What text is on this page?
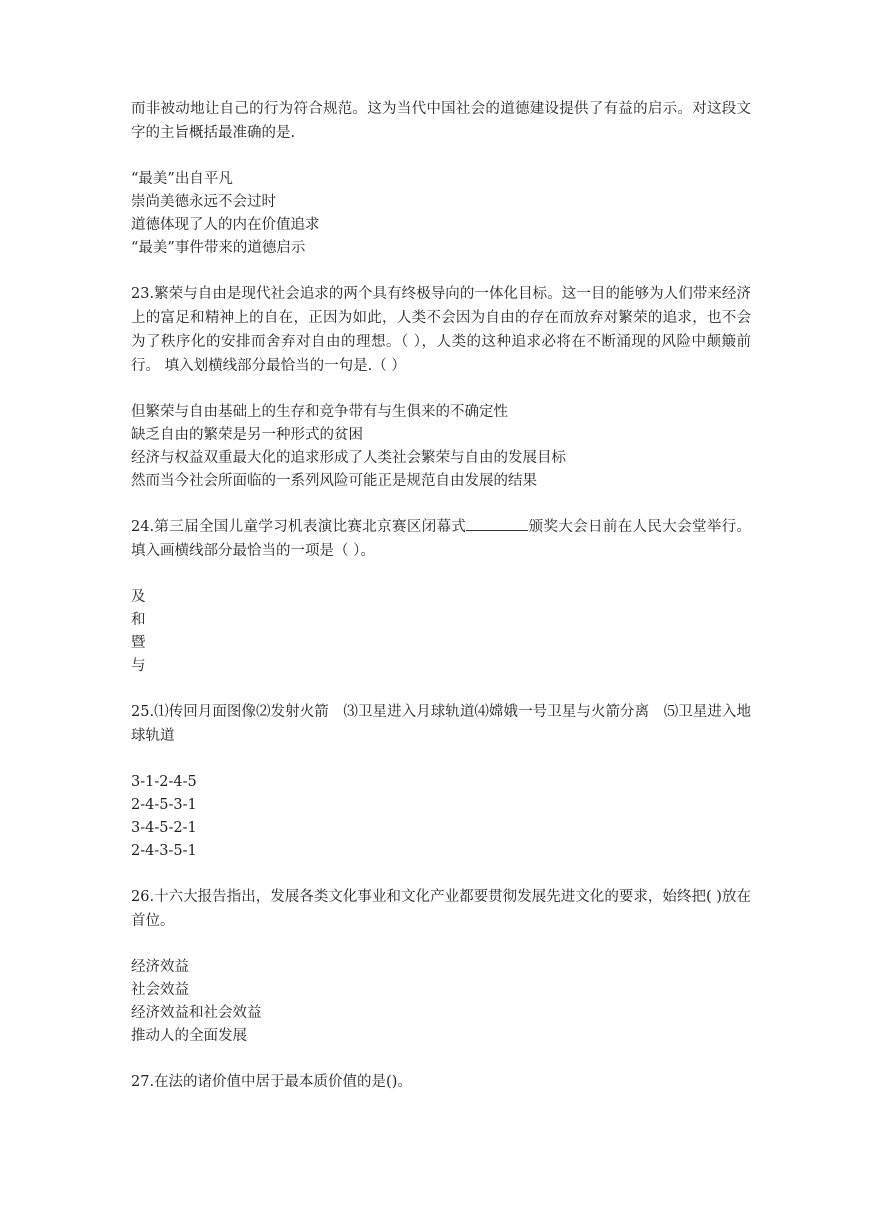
而非被动地让自己的行为符合规范。这为当代中国社会的道德建设提供了有益的启示。对这段文字的主旨概括最准确的是.

“最美”出自平凡
崇尚美德永远不会过时
道德体现了人的内在价值追求
“最美”事件带来的道德启示

23.繁荣与自由是现代社会追求的两个具有终极导向的一体化目标。这一目的能够为人们带来经济上的富足和精神上的自在，正因为如此，人类不会因为自由的存在而放弃对繁荣的追求，也不会为了秩序化的安排而舍弃对自由的理想。（ ），人类的这种追求必将在不断涌现的风险中颠簸前行。 填入划横线部分最恰当的一句是.（ ）

但繁荣与自由基础上的生存和竞争带有与生俱来的不确定性
缺乏自由的繁荣是另一种形式的贫困
经济与权益双重最大化的追求形成了人类社会繁荣与自由的发展目标
然而当今社会所面临的一系列风险可能正是规范自由发展的结果

24.第三届全国儿童学习机表演比赛北京赛区闭幕式	颁奖大会日前在人民大会堂举行。填入画横线部分最恰当的一项是（ ）。

及
和
暨
与

25.⑴传回月面图像⑵发射火箭　⑶卫星进入月球轨道⑷嫦娥一号卫星与火箭分离　⑸卫星进入地球轨道

3-1-2-4-5
2-4-5-3-1
3-4-5-2-1
2-4-3-5-1

26.十六大报告指出，发展各类文化事业和文化产业都要贯彻发展先进文化的要求，始终把( )放在首位。

经济效益
社会效益
经济效益和社会效益
推动人的全面发展

27.在法的诸价值中居于最本质价值的是()。
